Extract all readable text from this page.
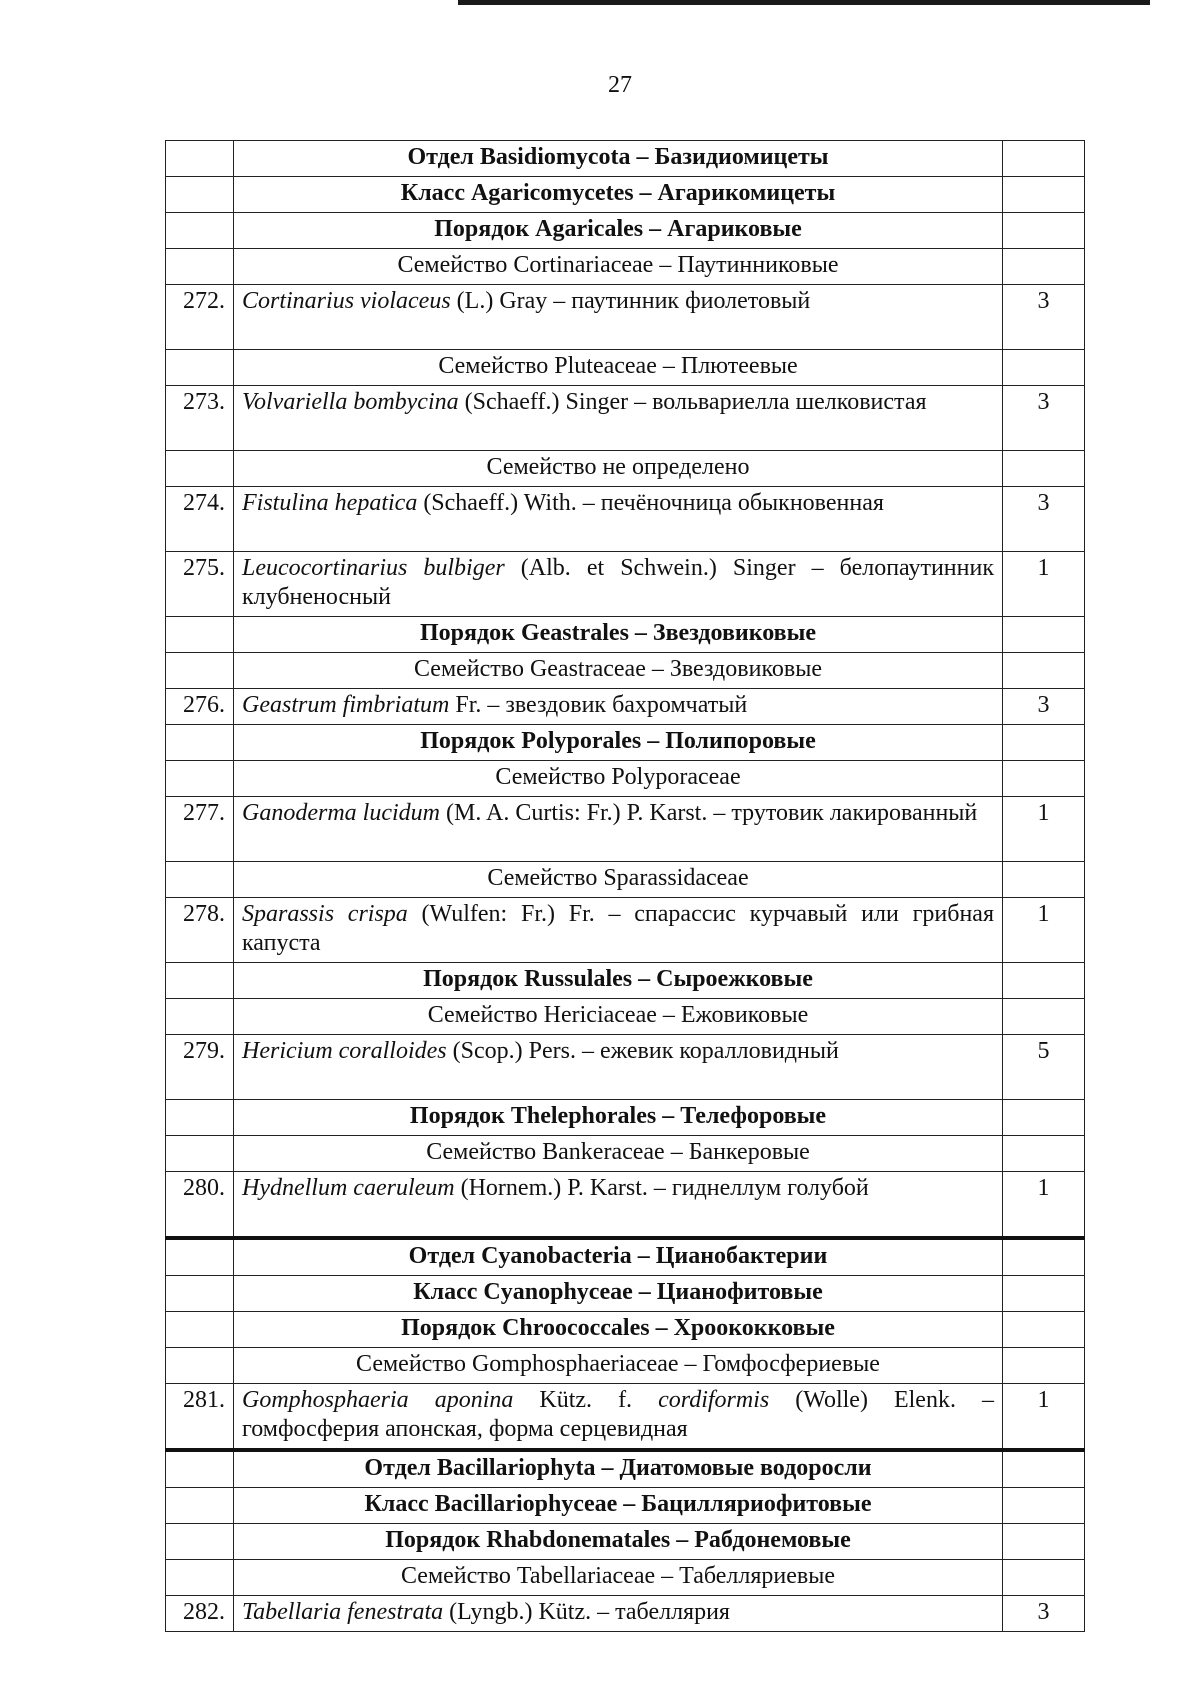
27
	Отдел Basidiomycota – Базидиомицеты	
	Класс Agaricomycetes – Агарикомицеты	
	Порядок Agaricales – Агариковые	
	Семейство Cortinariaceae – Паутинниковые	
272.	Cortinarius violaceus (L.) Gray – паутинник фиолетовый	3
	Семейство Pluteaceae – Плютеевые	
273.	Volvariella bombycina (Schaeff.) Singer – вольвариелла шелковистая	3
	Семейство не определено	
274.	Fistulina hepatica (Schaeff.) With. – печёночница обыкновенная	3
275.	Leucocortinarius bulbiger (Alb. et Schwein.) Singer – белопаутинник клубненосный	1
	Порядок Geastrales – Звездовиковые	
	Семейство Geastraceae – Звездовиковые	
276.	Geastrum fimbriatum Fr. – звездовик бахромчатый	3
	Порядок Polyporales – Полипоровые	
	Семейство Polyporaceae	
277.	Ganoderma lucidum (M. A. Curtis: Fr.) P. Karst. – трутовик лакированный	1
	Семейство Sparassidaceae	
278.	Sparassis crispa (Wulfen: Fr.) Fr. – спарассис курчавый или грибная капуста	1
	Порядок Russulales – Сыроежковые	
	Семейство Hericiaceae – Ежовиковые	
279.	Hericium coralloides (Scop.) Pers. – ежевик коралловидный	5
	Порядок Thelephorales – Телефоровые	
	Семейство Bankeraceae – Банкеровые	
280.	Hydnellum caeruleum (Hornem.) P. Karst. – гиднеллум голубой	1
	Отдел Cyanobacteria – Цианобактерии	
	Класс Cyanophyceae – Цианофитовые	
	Порядок Chroococcales – Хроококковые	
	Семейство Gomphosphaeriaceae – Гомфосфериевые	
281.	Gomphosphaeria aponina Kütz. f. cordiformis (Wolle) Elenk. – гомфосферия апонская, форма серцевидная	1
	Отдел Bacillariophyta – Диатомовые водоросли	
	Класс Bacillariophyceae – Бацилляриофитовые	
	Порядок Rhabdonematales – Рабдонемовые	
	Семейство Tabellariaceae – Табелляриевые	
282.	Tabellaria fenestrata (Lyngb.) Kütz. – табеллярия	3
